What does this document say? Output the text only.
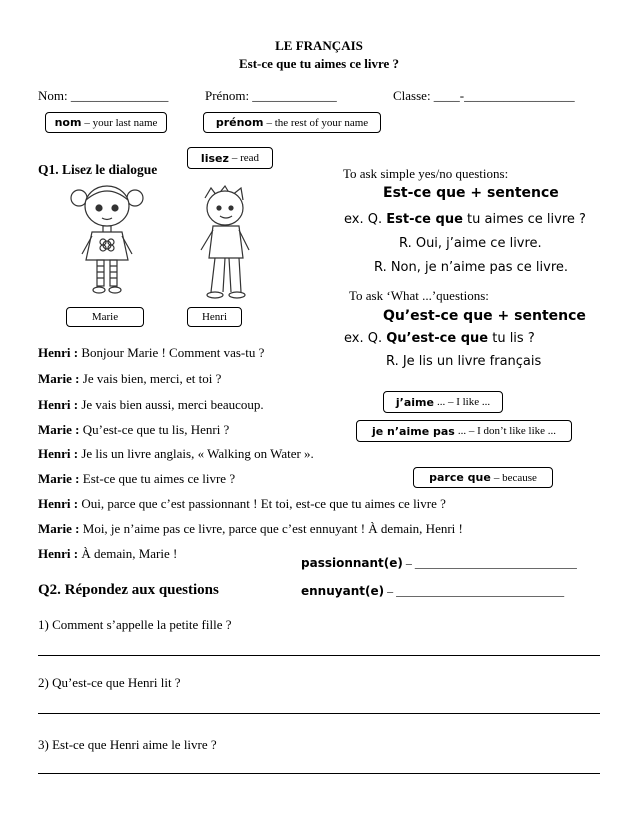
LE FRANÇAIS
Est-ce que tu aimes ce livre ?
Nom: _______________	Prénom: _____________	Classe: ____-_________________
nom – your last name	prénom – the rest of your name
lisez – read
Q1. Lisez le dialogue
Marie	Henri
To ask simple yes/no questions:
Est-ce que + sentence
ex. Q. Est-ce que tu aimes ce livre ?
R. Oui, j’aime ce livre.
R. Non, je n’aime pas ce livre.
To ask ‘What ...’questions:
Qu’est-ce que + sentence
ex. Q. Qu’est-ce que tu lis ?
R. Je lis un livre français
j’aime ... – I like ...
je n’aime pas ... – I don’t like like ...
parce que – because
Henri : Bonjour Marie ! Comment vas-tu ?
Marie : Je vais bien, merci, et toi ?
Henri : Je vais bien aussi, merci beaucoup.
Marie : Qu’est-ce que tu lis, Henri ?
Henri : Je lis un livre anglais, « Walking on Water ».
Marie : Est-ce que tu aimes ce livre ?
Henri : Oui, parce que c’est passionnant ! Et toi, est-ce que tu aimes ce livre ?
Marie : Moi, je n’aime pas ce livre, parce que c’est ennuyant ! À demain, Henri !
Henri : À demain, Marie !
passionnant(e) – ___________________________
ennuyant(e) – ____________________________
Q2. Répondez aux questions
1) Comment s’appelle la petite fille ?
2) Qu’est-ce que Henri lit ?
3) Est-ce que Henri aime le livre ?
